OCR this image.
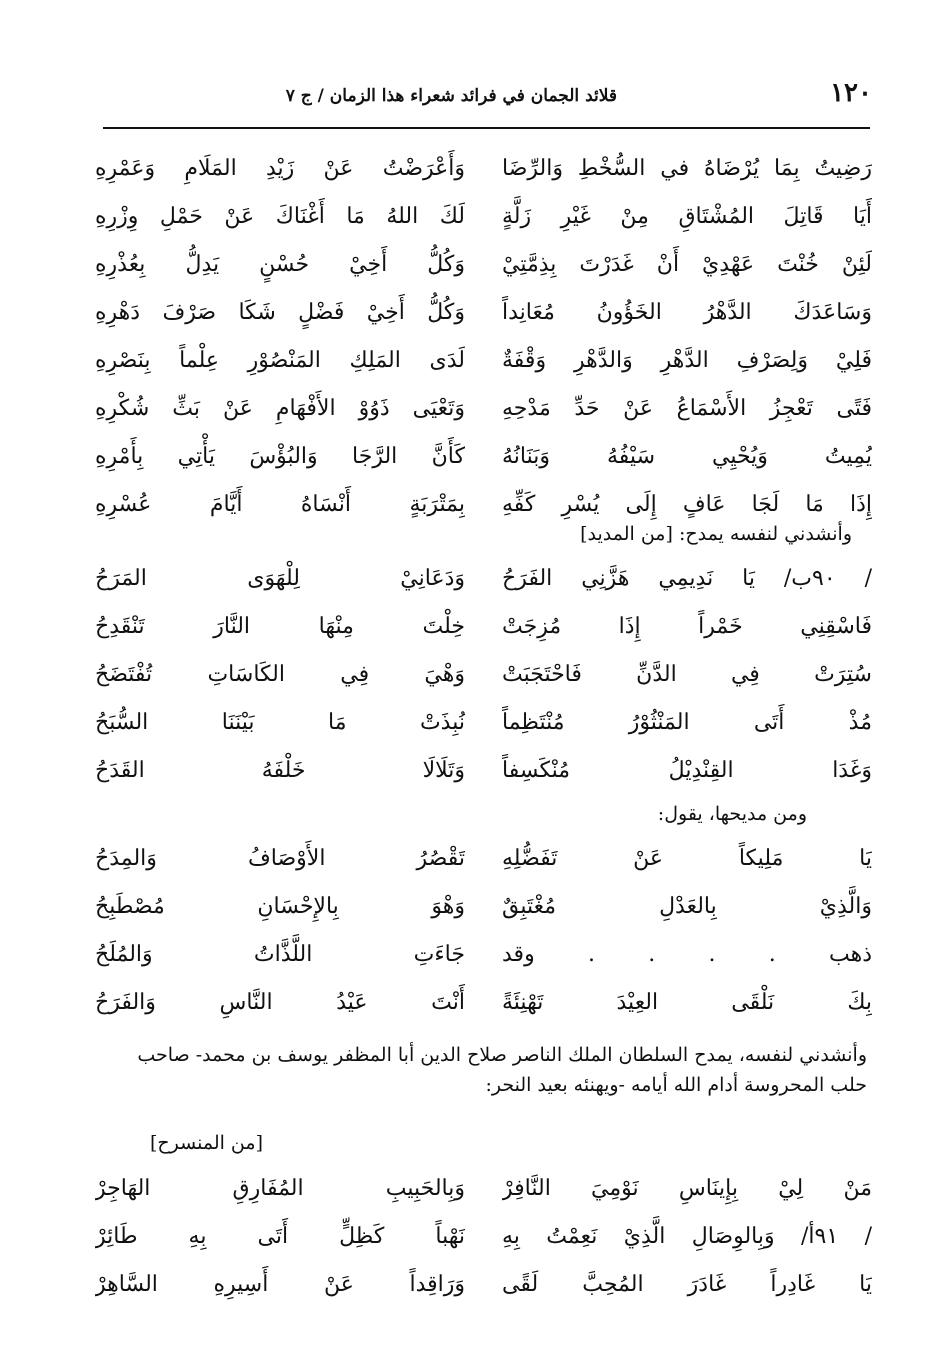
١٢٠
قلائد الجمان في فرائد شعراء هذا الزمان / ج ٧
رَضِيتُ بِمَا يُرْضَاهُ في السُّخْطِ وَالرِّضَا
وَأَعْرَضْتُ عَنْ زَيْدِ المَلَامِ وَعَمْرِهِ
أَيَا قَاتِلَ المُشْتَاقِ مِنْ غَيْرِ زَلَّةٍ
لَكَ اللهُ مَا أَغْنَاكَ عَنْ حَمْلِ وِزْرِهِ
لَئِنْ خُنْتَ عَهْدِيْ أَنْ غَدَرْتَ بِذِمَّتِيْ
وَكُلُّ أَخِيْ حُسْنٍ يَدِلُّ بِعُذْرِهِ
وَسَاعَدَكَ الدَّهْرُ الخَؤُونُ مُعَانِداً
وَكُلُّ أَخِيْ فَضْلٍ شَكَا صَرْفَ دَهْرِهِ
فَلِيْ وَلِصَرْفِ الدَّهْرِ وَالدَّهْرِ وَقْفَةٌ
لَدَى المَلِكِ المَنْصُوْرِ عِلْماً بِنَصْرِهِ
فَتًى تَعْجِزُ الأَسْمَاعُ عَنْ حَدِّ مَدْحِهِ
وَتَعْيَى ذَوُوْ الأَفْهَامِ عَنْ بَثِّ شُكْرِهِ
يُمِيتُ وَيُحْيِي سَيْفُهُ وَبَنَانُهُ
كَأَنَّ الرَّجَا وَالبُؤْسَ يَأْتِي بِأَمْرِهِ
إِذَا مَا لَجَا عَافٍ إِلَى يُسْرِ كَفِّهِ
بِمَتْرَبَةٍ أَنْسَاهُ أَيَّامَ عُسْرِهِ
وأنشدني لنفسه يمدح: [من المديد]
/ ٩٠ب/ يَا نَدِيمِي هَزَّنِي الفَرَحُ
وَدَعَانِيْ لِلْهَوَى المَرَحُ
فَاسْقِنِي خَمْراً إِذَا مُزِجَتْ
خِلْتَ مِنْهَا النَّارَ تَنْقَدِحُ
سُتِرَتْ فِي الدَّنِّ فَاحْتَجَبَتْ
وَهْيَ فِي الكَاسَاتِ تُفْتَضَحُ
مُذْ أَتَى المَنْثُوْرُ مُنْتَظِماً
نُبِذَتْ مَا بَيْنَنَا السُّبَحُ
وَغَدَا القِنْدِيْلُ مُنْكَسِفاً
وَتَلَالَا خَلْفَهُ القَدَحُ
ومن مديحها، يقول:
يَا مَلِيكاً عَنْ تَفَضُّلِهِ
تَقْصُرُ الأَوْصَافُ وَالمِدَحُ
وَالَّذِيْ بِالعَدْلِ مُغْتَبِقٌ
وَهْوَ بِالإِحْسَانِ مُصْطَبِحُ
ذهب . . . . وقد
جَاءَتِ اللَّذَّاتُ وَالمُلَحُ
بِكَ نَلْقَى العِيْدَ تَهْنِئَةً
أَنْتَ عَيْدُ النَّاسِ وَالفَرَحُ
وأنشدني لنفسه، يمدح السلطان الملك الناصر صلاح الدين أبا المظفر يوسف بن محمد- صاحب حلب المحروسة أدام الله أيامه -ويهنئه بعيد النحر:
[من المنسرح]
مَنْ لِيْ بِإِينَاسِ نَوْمِيَ النَّافِرْ
وَبِالحَبِيبِ المُفَارِقِ الهَاجِرْ
/ ٩١أ/ وَبِالوِصَالِ الَّذِيْ نَعِمْتُ بِهِ
نَهْباً كَظِلٍّ أَتَى بِهِ طَائِرْ
يَا غَادِراً غَادَرَ المُحِبَّ لَقًى
وَرَاقِداً عَنْ أَسِيرِهِ السَّاهِرْ
